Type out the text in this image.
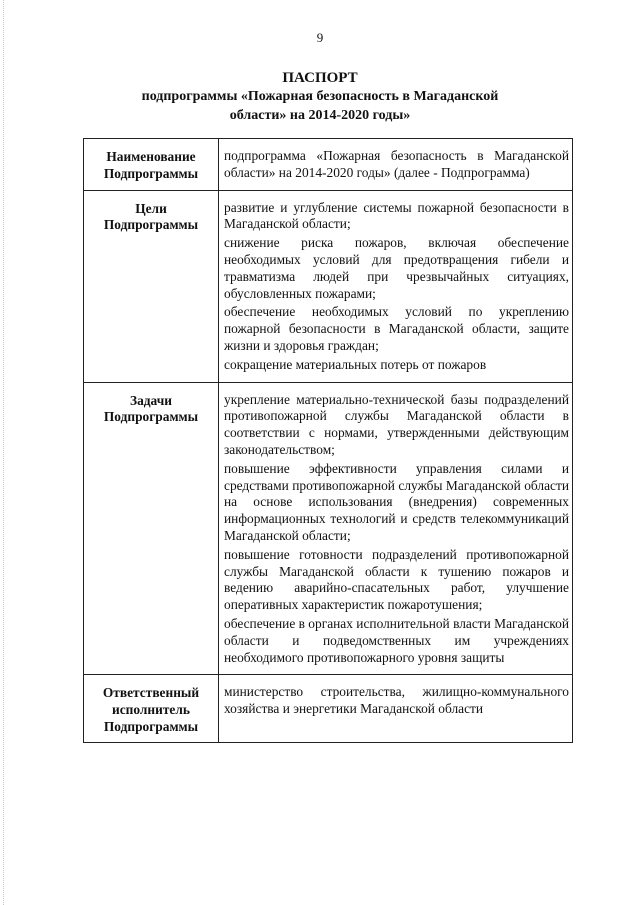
9
ПАСПОРТ
подпрограммы «Пожарная безопасность в Магаданской
области» на 2014-2020 годы»
Наименование Подпрограммы	подпрограмма «Пожарная безопасность в Магаданской области» на 2014-2020 годы» (далее - Подпрограмма)

Цели Подпрограммы	развитие и углубление системы пожарной безопасности в Магаданской области;
снижение риска пожаров, включая обеспечение необходимых условий для предотвращения гибели и травматизма людей при чрезвычайных ситуациях, обусловленных пожарами;
обеспечение необходимых условий по укреплению пожарной безопасности в Магаданской области, защите жизни и здоровья граждан;
сокращение материальных потерь от пожаров

Задачи Подпрограммы	укрепление материально-технической базы подразделений противопожарной службы Магаданской области в соответствии с нормами, утвержденными действующим законодательством;
повышение эффективности управления силами и средствами противопожарной службы Магаданской области на основе использования (внедрения) современных информационных технологий и средств телекоммуникаций Магаданской области;
повышение готовности подразделений противопожарной службы Магаданской области к тушению пожаров и ведению аварийно-спасательных работ, улучшение оперативных характеристик пожаротушения;
обеспечение в органах исполнительной власти Магаданской области и подведомственных им учреждениях необходимого противопожарного уровня защиты

Ответственный исполнитель Подпрограммы	министерство строительства, жилищно-коммунального хозяйства и энергетики Магаданской области
